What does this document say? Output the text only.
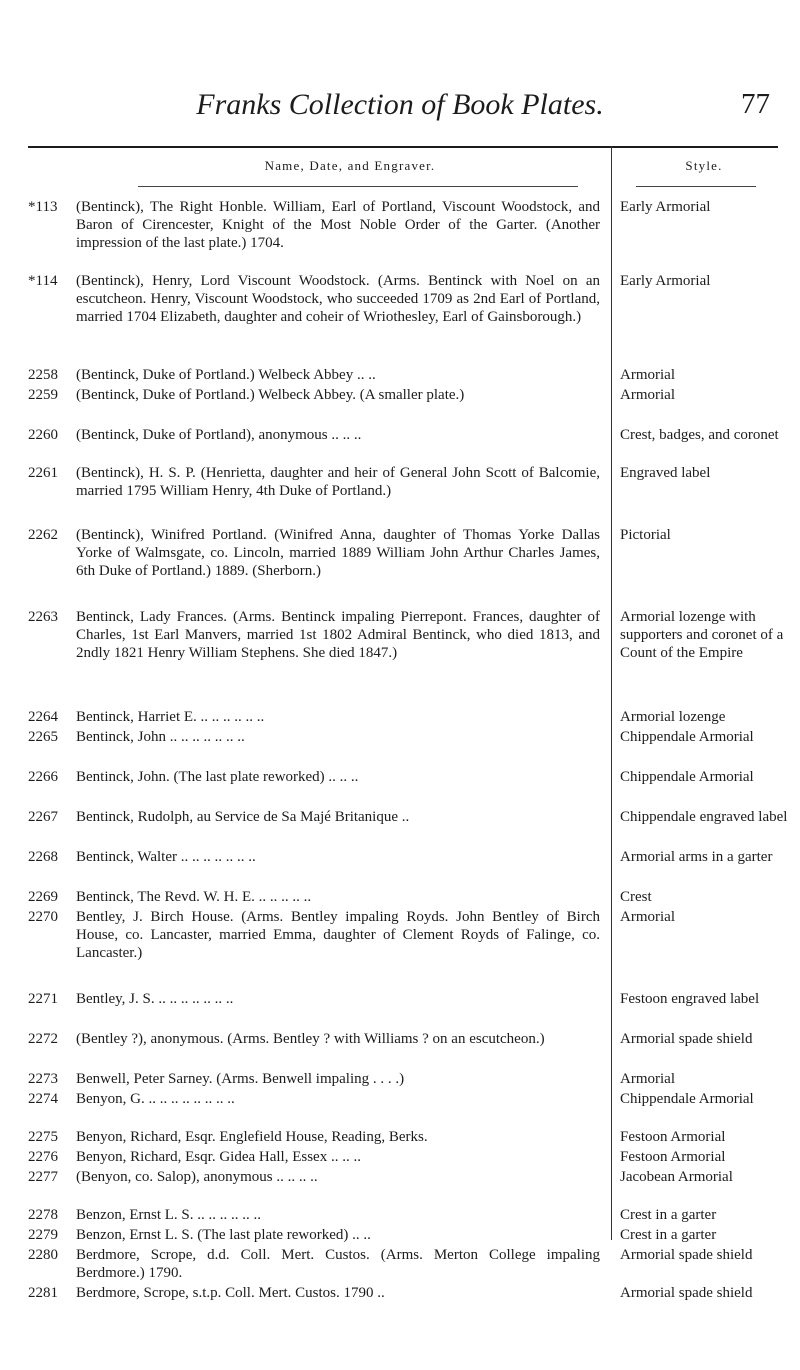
Franks Collection of Book Plates.	77
Name, Date, and Engraver.	Style.
*113	(Bentinck), The Right Honble. William, Earl of Portland, Viscount Woodstock, and Baron of Cirencester, Knight of the Most Noble Order of the Garter. (Another impression of the last plate.) 1704.
Early Armorial
*114	(Bentinck), Henry, Lord Viscount Woodstock. (Arms. Bentinck with Noel on an escutcheon. Henry, Viscount Woodstock, who succeeded 1709 as 2nd Earl of Portland, married 1704 Elizabeth, daughter and coheir of Wriothesley, Earl of Gainsborough.)
Early Armorial
2258	(Bentinck, Duke of Portland.) Welbeck Abbey .. ..	Armorial
2259	(Bentinck, Duke of Portland.) Welbeck Abbey. (A smaller plate.)	Armorial
2260	(Bentinck, Duke of Portland), anonymous .. .. ..	Crest, badges, and coronet
2261	(Bentinck), H. S. P. (Henrietta, daughter and heir of General John Scott of Balcomie, married 1795 William Henry, 4th Duke of Portland.)
Engraved label
2262	(Bentinck), Winifred Portland. (Winifred Anna, daughter of Thomas Yorke Dallas Yorke of Walmsgate, co. Lincoln, married 1889 William John Arthur Charles James, 6th Duke of Portland.) 1889. (Sherborn.)
Pictorial
2263	Bentinck, Lady Frances. (Arms. Bentinck impaling Pierrepont. Frances, daughter of Charles, 1st Earl Manvers, married 1st 1802 Admiral Bentinck, who died 1813, and 2ndly 1821 Henry William Stephens. She died 1847.)
Armorial lozenge with supporters and coronet of a Count of the Empire
2264	Bentinck, Harriet E. .. .. .. .. .. ..	Armorial lozenge
2265	Bentinck, John .. .. .. .. .. .. ..	Chippendale Armorial
2266	Bentinck, John. (The last plate reworked) .. .. ..	Chippendale Armorial
2267	Bentinck, Rudolph, au Service de Sa Majé Britanique ..	Chippendale engraved label
2268	Bentinck, Walter .. .. .. .. .. .. ..	Armorial arms in a garter
2269	Bentinck, The Revd. W. H. E. .. .. .. .. ..	Crest
2270	Bentley, J. Birch House. (Arms. Bentley impaling Royds. John Bentley of Birch House, co. Lancaster, married Emma, daughter of Clement Royds of Falinge, co. Lancaster.)
Armorial
2271	Bentley, J. S. .. .. .. .. .. .. ..	Festoon engraved label
2272	(Bentley ?), anonymous. (Arms. Bentley ? with Williams ? on an escutcheon.)	Armorial spade shield
2273	Benwell, Peter Sarney. (Arms. Benwell impaling . . . .)	Armorial
2274	Benyon, G. .. .. .. .. .. .. .. ..	Chippendale Armorial
2275	Benyon, Richard, Esqr. Englefield House, Reading, Berks.	Festoon Armorial
2276	Benyon, Richard, Esqr. Gidea Hall, Essex .. .. ..	Festoon Armorial
2277	(Benyon, co. Salop), anonymous .. .. .. ..	Jacobean Armorial
2278	Benzon, Ernst L. S. .. .. .. .. .. ..	Crest in a garter
2279	Benzon, Ernst L. S. (The last plate reworked) .. ..	Crest in a garter
2280	Berdmore, Scrope, d.d. Coll. Mert. Custos. (Arms. Merton College impaling Berdmore.) 1790.
Armorial spade shield
2281	Berdmore, Scrope, s.t.p. Coll. Mert. Custos. 1790 ..	Armorial spade shield
